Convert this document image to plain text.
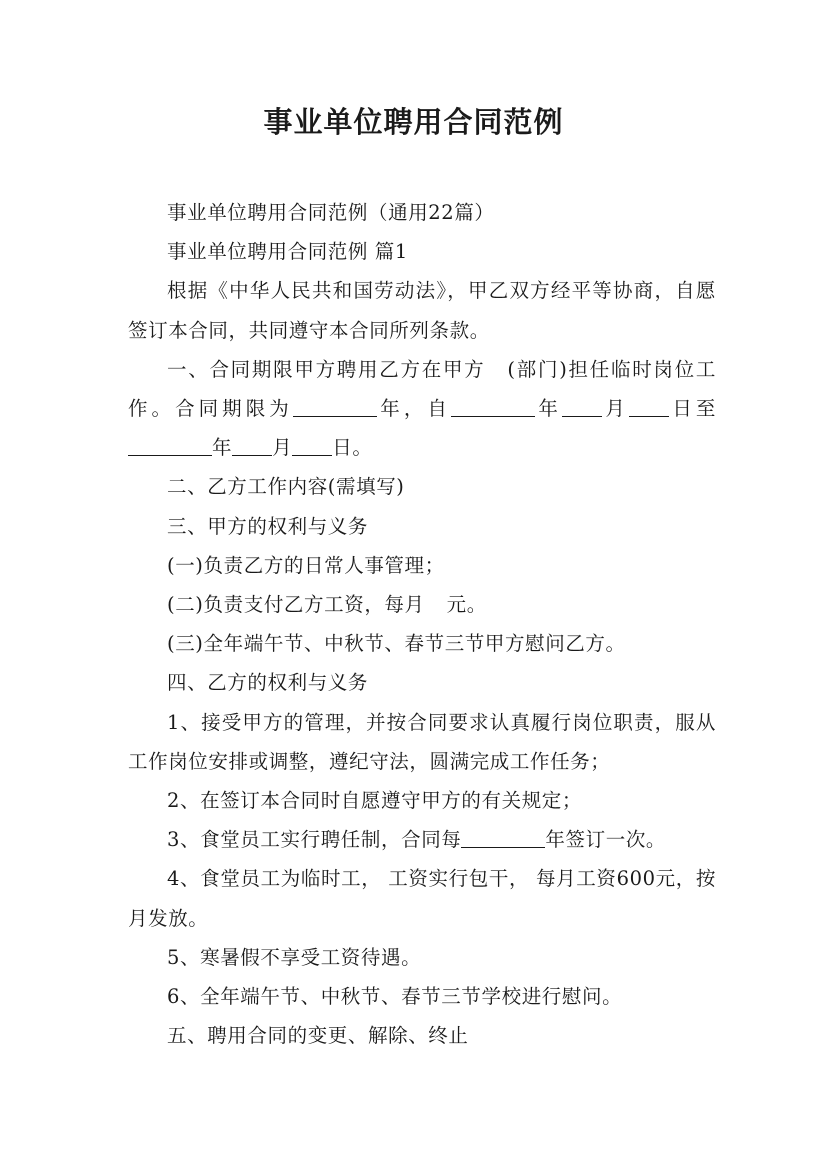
事业单位聘用合同范例

事业单位聘用合同范例（通用22篇）

事业单位聘用合同范例 篇1

根据《中华人民共和国劳动法》，甲乙双方经平等协商，自愿签订本合同，共同遵守本合同所列条款。

一、合同期限甲方聘用乙方在甲方 (部门)担任临时岗位工作。合同期限为	年，自	年 月 日至年 月 日。

二、乙方工作内容(需填写)

三、甲方的权利与义务

(一)负责乙方的日常人事管理；

(二)负责支付乙方工资，每月 元。

(三)全年端午节、中秋节、春节三节甲方慰问乙方。

四、乙方的权利与义务

1、接受甲方的管理，并按合同要求认真履行岗位职责，服从工作岗位安排或调整，遵纪守法，圆满完成工作任务；

2、在签订本合同时自愿遵守甲方的有关规定；

3、食堂员工实行聘任制，合同每	年签订一次。

4、食堂员工为临时工， 工资实行包干， 每月工资600元，按月发放。

5、寒暑假不享受工资待遇。

6、全年端午节、中秋节、春节三节学校进行慰问。

五、聘用合同的变更、解除、终止
